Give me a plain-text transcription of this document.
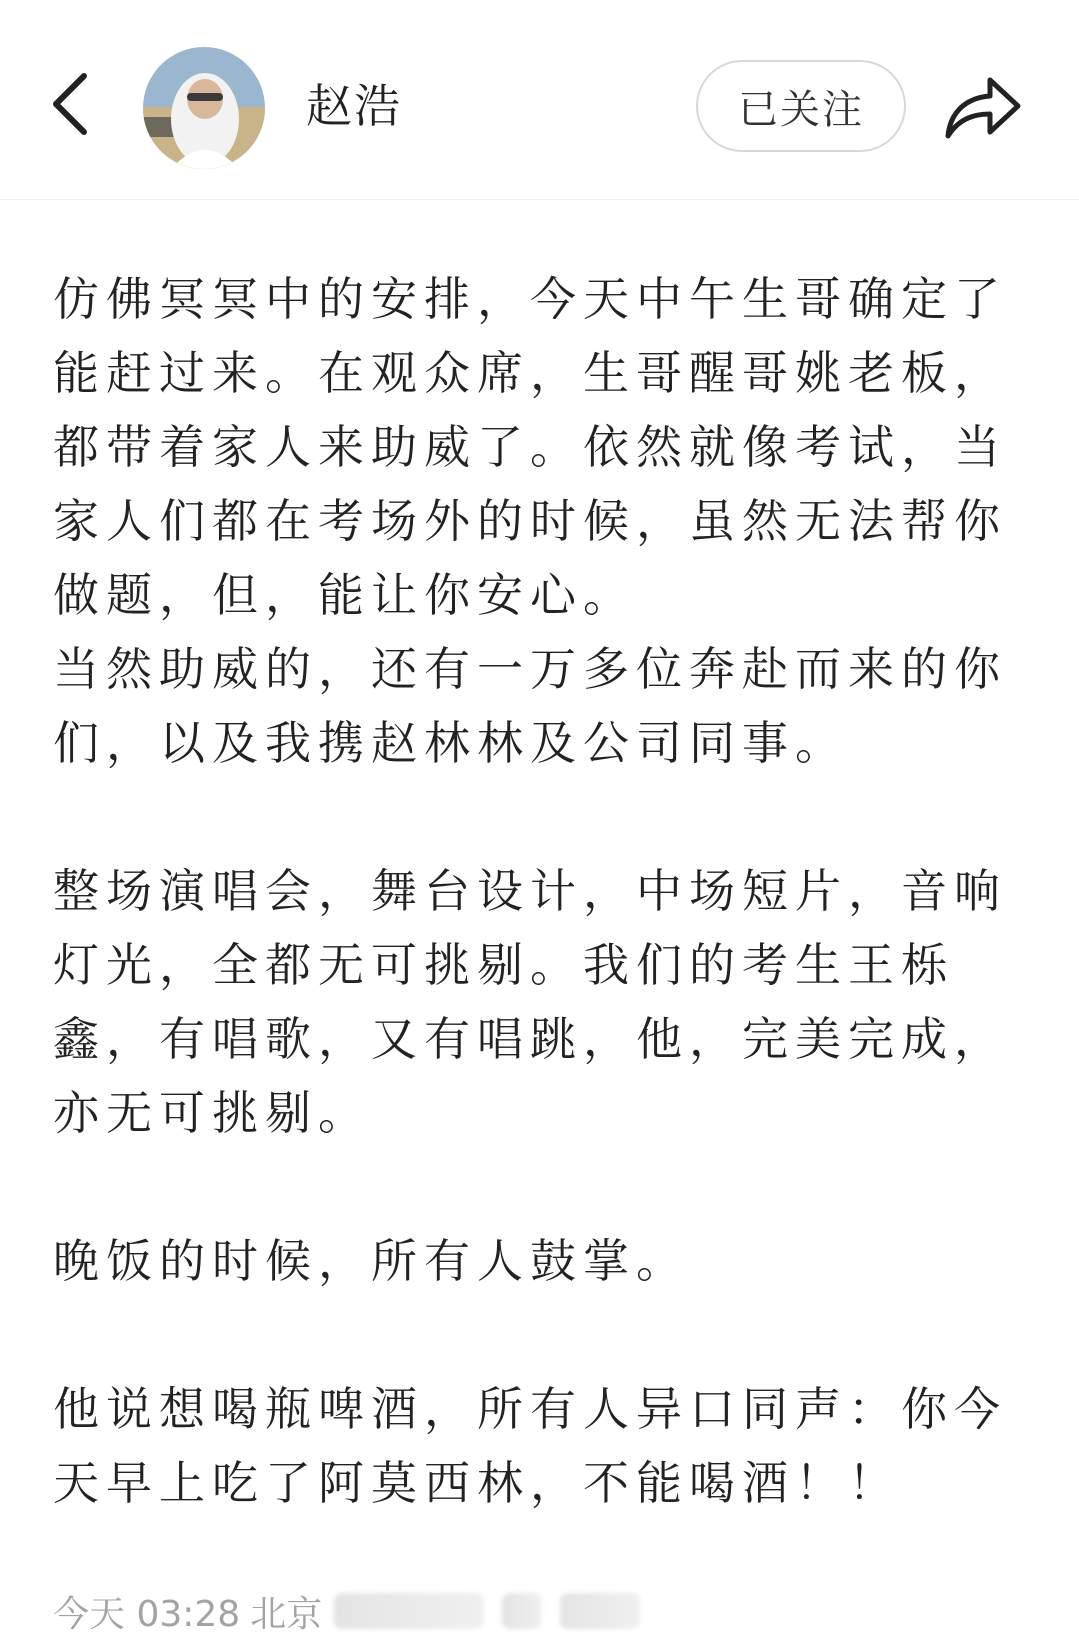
赵浩	已关注

仿佛冥冥中的安排，今天中午生哥确定了能赶过来。在观众席，生哥醒哥姚老板，都带着家人来助威了。依然就像考试，当家人们都在考场外的时候，虽然无法帮你做题，但，能让你安心。
当然助威的，还有一万多位奔赴而来的你们，以及我携赵林林及公司同事。

整场演唱会，舞台设计，中场短片，音响灯光，全都无可挑剔。我们的考生王栎鑫，有唱歌，又有唱跳，他，完美完成，亦无可挑剔。

晚饭的时候，所有人鼓掌。

他说想喝瓶啤酒，所有人异口同声：你今天早上吃了阿莫西林，不能喝酒！！

今天 03:28 北京
